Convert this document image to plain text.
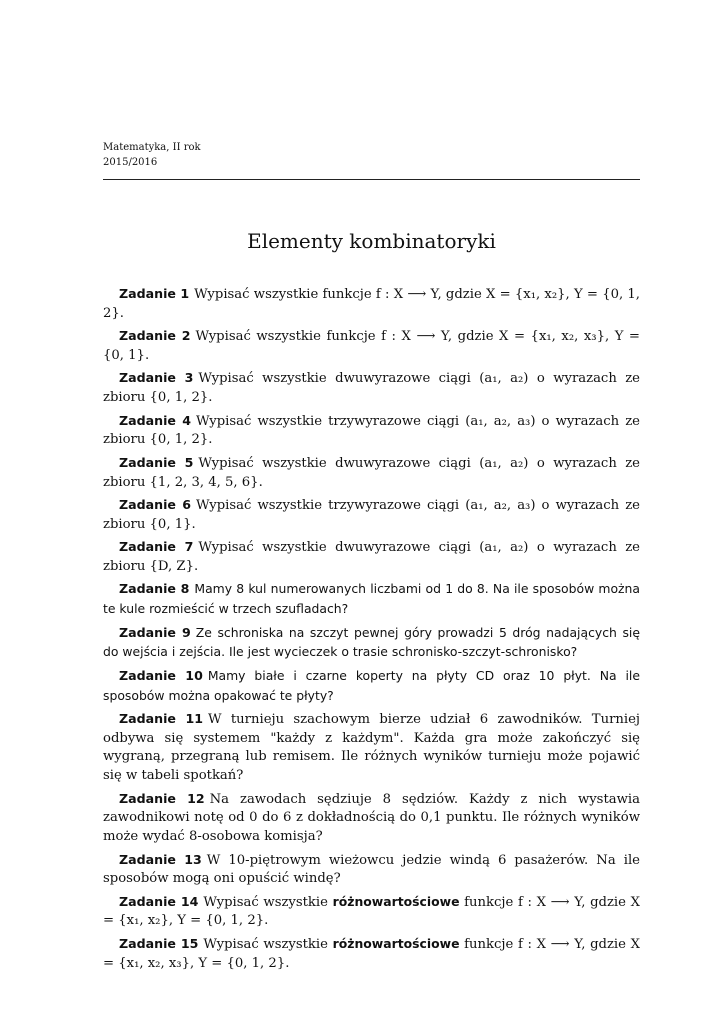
Matematyka, II rok
2015/2016
Elementy kombinatoryki

Zadanie 1 Wypisać wszystkie funkcje f : X ⟶ Y, gdzie X = {x₁, x₂}, Y = {0, 1, 2}.

Zadanie 2 Wypisać wszystkie funkcje f : X ⟶ Y, gdzie X = {x₁, x₂, x₃}, Y = {0, 1}.

Zadanie 3 Wypisać wszystkie dwuwyrazowe ciągi (a₁, a₂) o wyrazach ze zbioru {0, 1, 2}.

Zadanie 4 Wypisać wszystkie trzywyrazowe ciągi (a₁, a₂, a₃) o wyrazach ze zbioru {0, 1, 2}.

Zadanie 5 Wypisać wszystkie dwuwyrazowe ciągi (a₁, a₂) o wyrazach ze zbioru {1, 2, 3, 4, 5, 6}.

Zadanie 6 Wypisać wszystkie trzywyrazowe ciągi (a₁, a₂, a₃) o wyrazach ze zbioru {0, 1}.

Zadanie 7 Wypisać wszystkie dwuwyrazowe ciągi (a₁, a₂) o wyrazach ze zbioru {D, Z}.

Zadanie 8 Mamy 8 kul numerowanych liczbami od 1 do 8. Na ile sposobów można te kule rozmieścić w trzech szufladach?

Zadanie 9 Ze schroniska na szczyt pewnej góry prowadzi 5 dróg nadających się do wejścia i zejścia. Ile jest wycieczek o trasie schronisko-szczyt-schronisko?

Zadanie 10 Mamy białe i czarne koperty na płyty CD oraz 10 płyt. Na ile sposobów można opakować te płyty?

Zadanie 11 W turnieju szachowym bierze udział 6 zawodników. Turniej odbywa się systemem "każdy z każdym". Każda gra może zakończyć się wygraną, przegraną lub remisem. Ile różnych wyników turnieju może pojawić się w tabeli spotkań?

Zadanie 12 Na zawodach sędziuje 8 sędziów. Każdy z nich wystawia zawodnikowi notę od 0 do 6 z dokładnością do 0,1 punktu. Ile różnych wyników może wydać 8-osobowa komisja?

Zadanie 13 W 10-piętrowym wieżowcu jedzie windą 6 pasażerów. Na ile sposobów mogą oni opuścić windę?

Zadanie 14 Wypisać wszystkie różnowartościowe funkcje f : X ⟶ Y, gdzie X = {x₁, x₂}, Y = {0, 1, 2}.

Zadanie 15 Wypisać wszystkie różnowartościowe funkcje f : X ⟶ Y, gdzie X = {x₁, x₂, x₃}, Y = {0, 1, 2}.
